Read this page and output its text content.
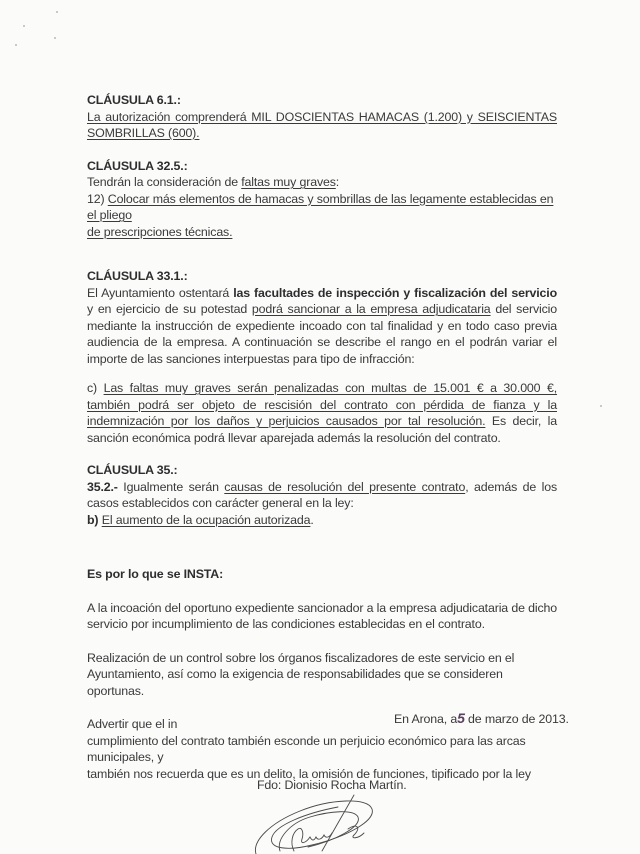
CLÁUSULA 6.1.:
La autorización comprenderá MIL DOSCIENTAS HAMACAS (1.200) y SEISCIENTAS
SOMBRILLAS (600).
CLÁUSULA 32.5.:
Tendrán la consideración de faltas muy graves:
12) Colocar más elementos de hamacas y sombrillas de las legamente establecidas en el pliego
de prescripciones técnicas.
CLÁUSULA 33.1.:
El Ayuntamiento ostentará las facultades de inspección y fiscalización del servicio y en ejercicio de su potestad podrá sancionar a la empresa adjudicataria del servicio mediante la instrucción de expediente incoado con tal finalidad y en todo caso previa audiencia de la empresa. A continuación se describe el rango en el podrán variar el importe de las sanciones interpuestas para tipo de infracción:
c) Las faltas muy graves serán penalizadas con multas de 15.001 € a 30.000 €, también podrá ser objeto de rescisión del contrato con pérdida de fianza y la indemnización por los daños y perjuicios causados por tal resolución. Es decir, la sanción económica podrá llevar aparejada además la resolución del contrato.
CLÁUSULA 35.:
35.2.- Igualmente serán causas de resolución del presente contrato, además de los casos establecidos con carácter general en la ley:
b) El aumento de la ocupación autorizada.
Es por lo que se INSTA:
A la incoación del oportuno expediente sancionador a la empresa adjudicataria de dicho servicio por incumplimiento de las condiciones establecidas en el contrato.
Realización de un control sobre los órganos fiscalizadores de este servicio en el Ayuntamiento, así como la exigencia de responsabilidades que se consideren oportunas.
Advertir que el in
cumplimiento del contrato también esconde un perjuicio económico para las arcas municipales, y
también nos recuerda que es un delito, la omisión de funciones, tipificado por la ley
En Arona, a5 de marzo de 2013.
Fdo: Dionisio Rocha Martín.
